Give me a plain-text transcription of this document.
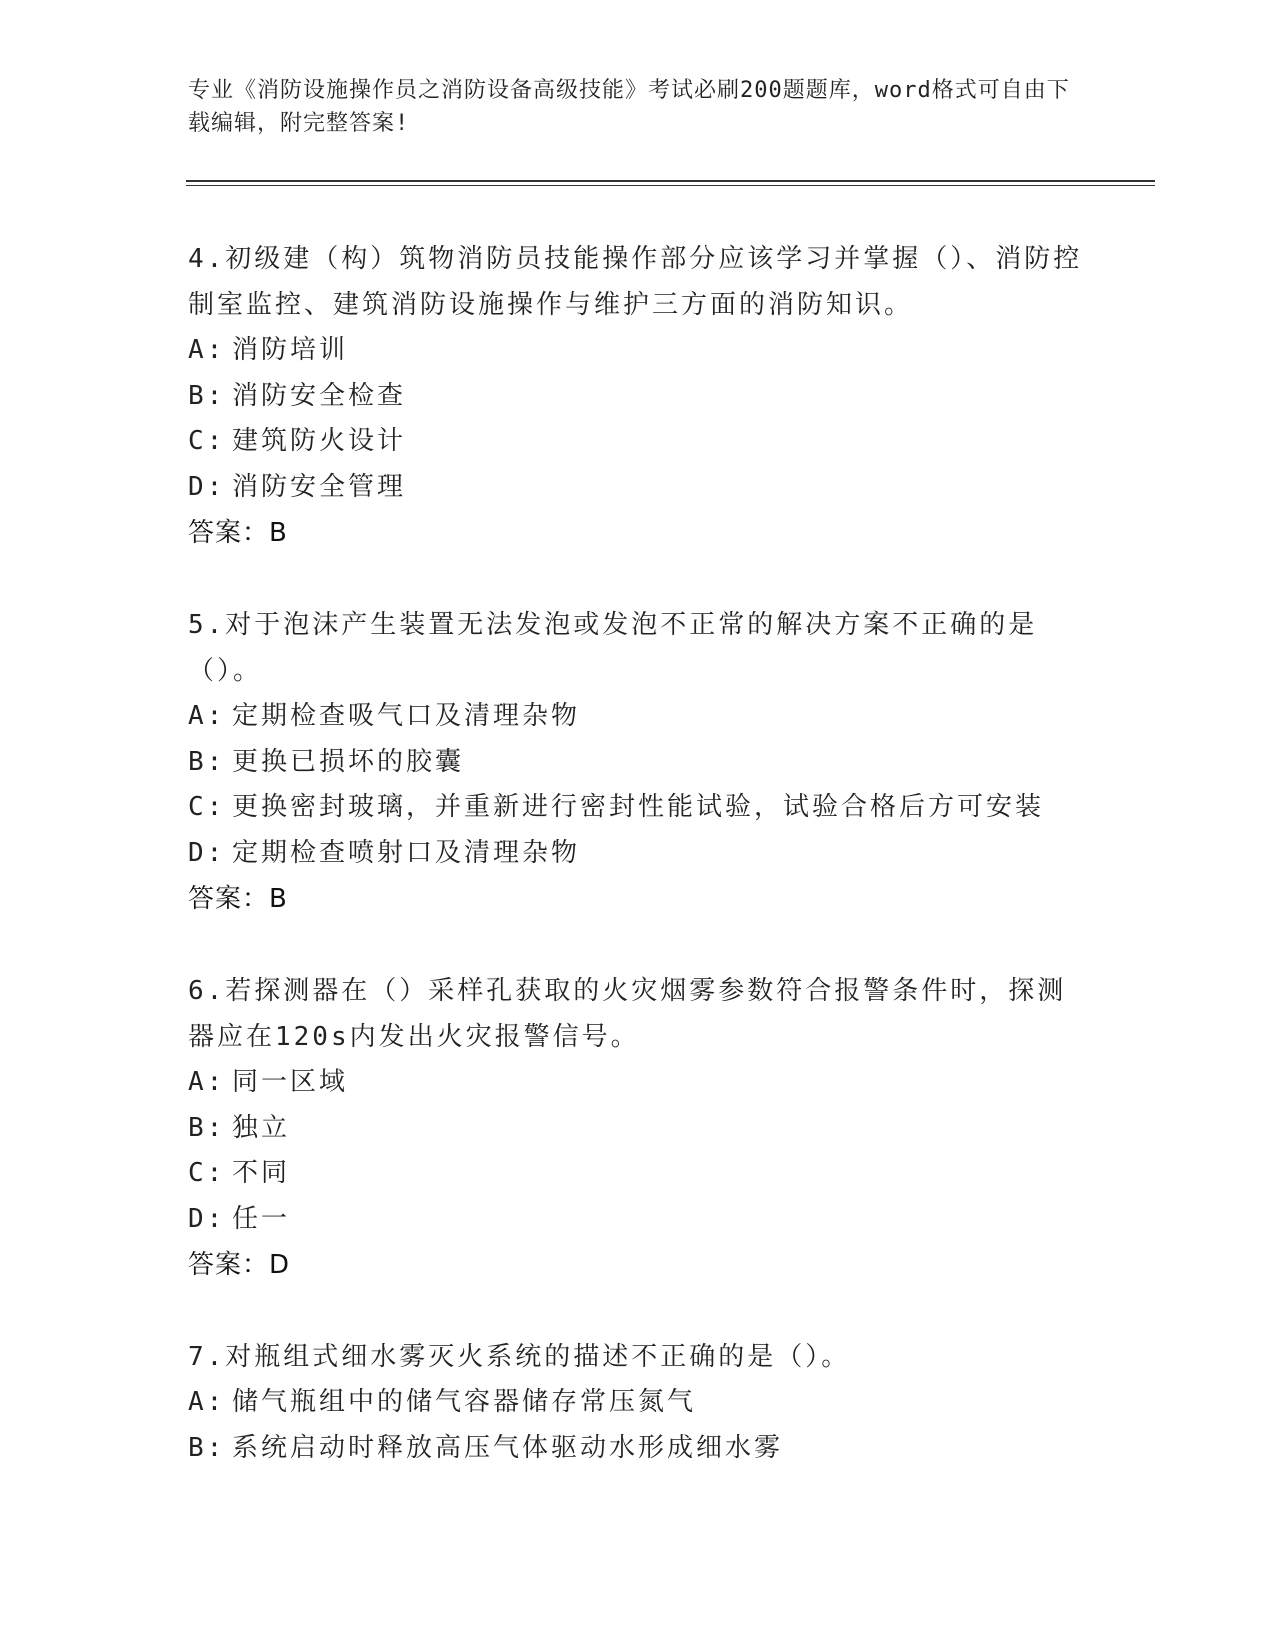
专业《消防设施操作员之消防设备高级技能》考试必刷200题题库，word格式可自由下载编辑，附完整答案!

4.初级建（构）筑物消防员技能操作部分应该学习并掌握（）、消防控制室监控、建筑消防设施操作与维护三方面的消防知识。

A: 消防培训

B: 消防安全检查

C: 建筑防火设计

D: 消防安全管理

答案：B

5.对于泡沫产生装置无法发泡或发泡不正常的解决方案不正确的是（）。

A: 定期检查吸气口及清理杂物

B: 更换已损坏的胶囊

C: 更换密封玻璃，并重新进行密封性能试验，试验合格后方可安装

D: 定期检查喷射口及清理杂物

答案：B

6.若探测器在（）采样孔获取的火灾烟雾参数符合报警条件时，探测器应在120s内发出火灾报警信号。

A: 同一区域

B: 独立

C: 不同

D: 任一

答案：D

7.对瓶组式细水雾灭火系统的描述不正确的是（）。

A: 储气瓶组中的储气容器储存常压氮气

B: 系统启动时释放高压气体驱动水形成细水雾
